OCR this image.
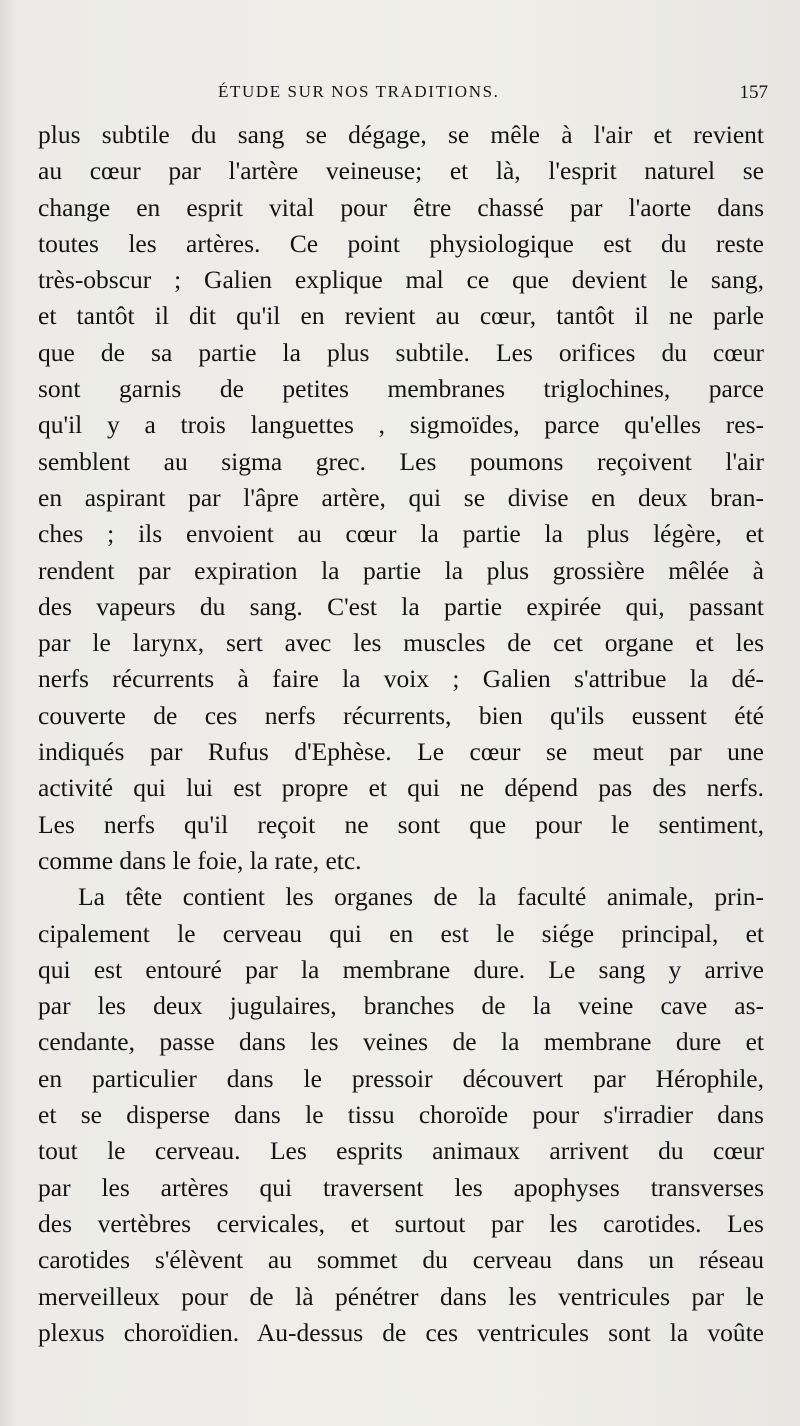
ÉTUDE SUR NOS TRADITIONS.	157

plus subtile du sang se dégage, se mêle à l'air et revient
au cœur par l'artère veineuse; et là, l'esprit naturel se
change en esprit vital pour être chassé par l'aorte dans
toutes les artères. Ce point physiologique est du reste
très-obscur ; Galien explique mal ce que devient le sang,
et tantôt il dit qu'il en revient au cœur, tantôt il ne parle
que de sa partie la plus subtile. Les orifices du cœur
sont garnis de petites membranes triglochines, parce
qu'il y a trois languettes , sigmoïdes, parce qu'elles res-
semblent au sigma grec. Les poumons reçoivent l'air
en aspirant par l'âpre artère, qui se divise en deux bran-
ches ; ils envoient au cœur la partie la plus légère, et
rendent par expiration la partie la plus grossière mêlée à
des vapeurs du sang. C'est la partie expirée qui, passant
par le larynx, sert avec les muscles de cet organe et les
nerfs récurrents à faire la voix ; Galien s'attribue la dé-
couverte de ces nerfs récurrents, bien qu'ils eussent été
indiqués par Rufus d'Ephèse. Le cœur se meut par une
activité qui lui est propre et qui ne dépend pas des nerfs.
Les nerfs qu'il reçoit ne sont que pour le sentiment,
comme dans le foie, la rate, etc.

La tête contient les organes de la faculté animale, prin-
cipalement le cerveau qui en est le siége principal, et
qui est entouré par la membrane dure. Le sang y arrive
par les deux jugulaires, branches de la veine cave as-
cendante, passe dans les veines de la membrane dure et
en particulier dans le pressoir découvert par Hérophile,
et se disperse dans le tissu choroïde pour s'irradier dans
tout le cerveau. Les esprits animaux arrivent du cœur
par les artères qui traversent les apophyses transverses
des vertèbres cervicales, et surtout par les carotides. Les
carotides s'élèvent au sommet du cerveau dans un réseau
merveilleux pour de là pénétrer dans les ventricules par le
plexus choroïdien. Au-dessus de ces ventricules sont la voûte
